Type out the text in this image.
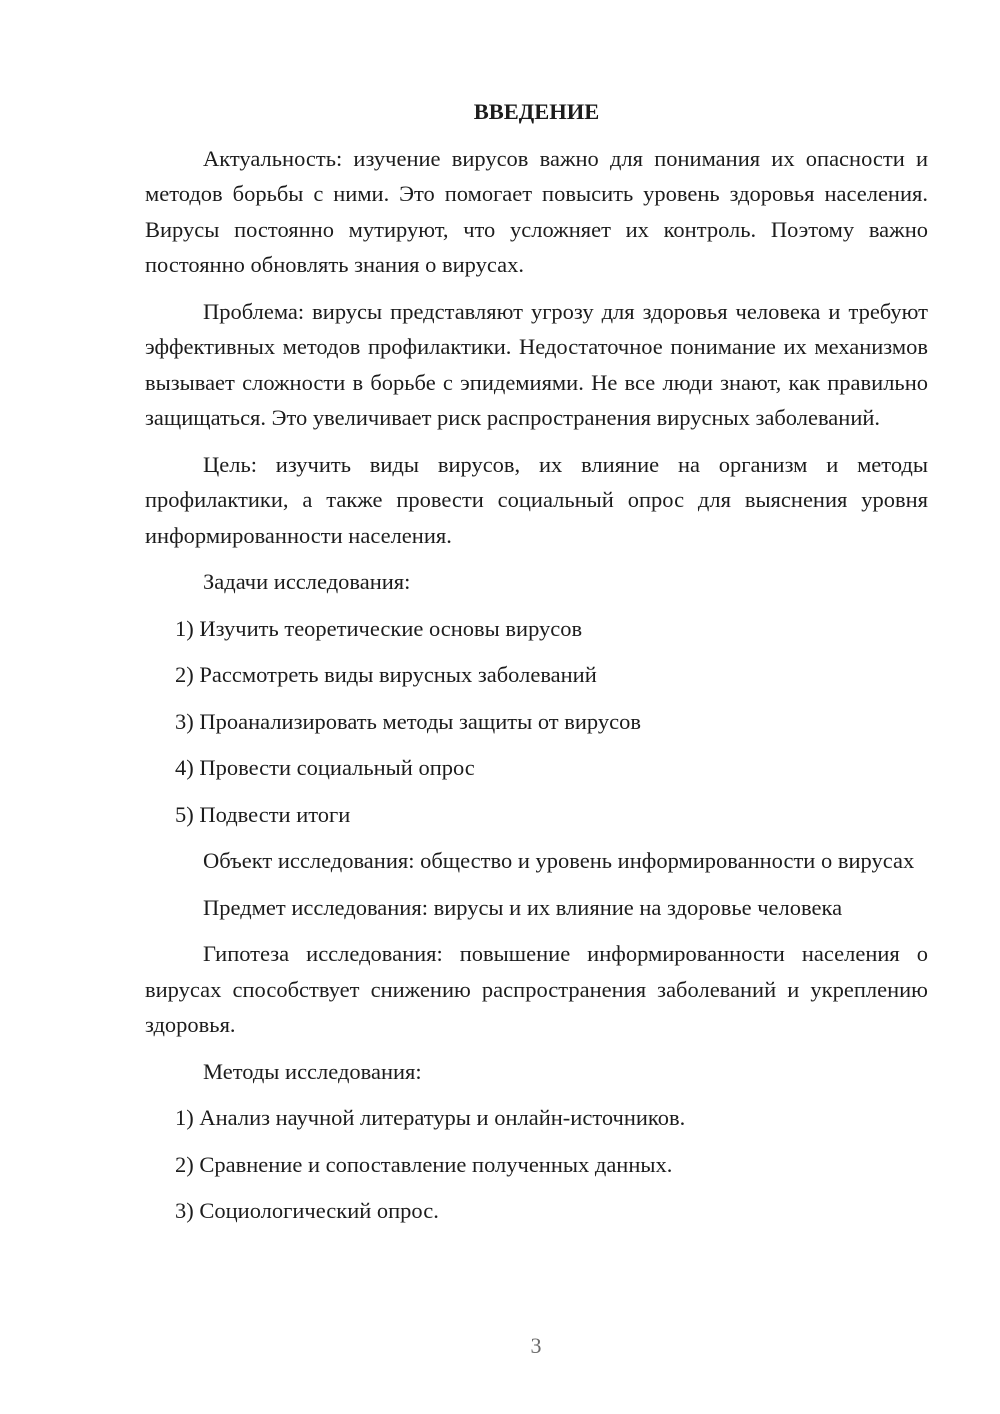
ВВЕДЕНИЕ

Актуальность: изучение вирусов важно для понимания их опасности и методов борьбы с ними. Это помогает повысить уровень здоровья населения. Вирусы постоянно мутируют, что усложняет их контроль. Поэтому важно постоянно обновлять знания о вирусах.

Проблема: вирусы представляют угрозу для здоровья человека и требуют эффективных методов профилактики. Недостаточное понимание их механизмов вызывает сложности в борьбе с эпидемиями. Не все люди знают, как правильно защищаться. Это увеличивает риск распространения вирусных заболеваний.

Цель: изучить виды вирусов, их влияние на организм и методы профилактики, а также провести социальный опрос для выяснения уровня информированности населения.

Задачи исследования:

1) Изучить теоретические основы вирусов

2) Рассмотреть виды вирусных заболеваний

3) Проанализировать методы защиты от вирусов

4) Провести социальный опрос

5) Подвести итоги

Объект исследования: общество и уровень информированности о вирусах

Предмет исследования: вирусы и их влияние на здоровье человека

Гипотеза исследования: повышение информированности населения о вирусах способствует снижению распространения заболеваний и укреплению здоровья.

Методы исследования:

1) Анализ научной литературы и онлайн-источников.

2) Сравнение и сопоставление полученных данных.

3) Социологический опрос.

3
